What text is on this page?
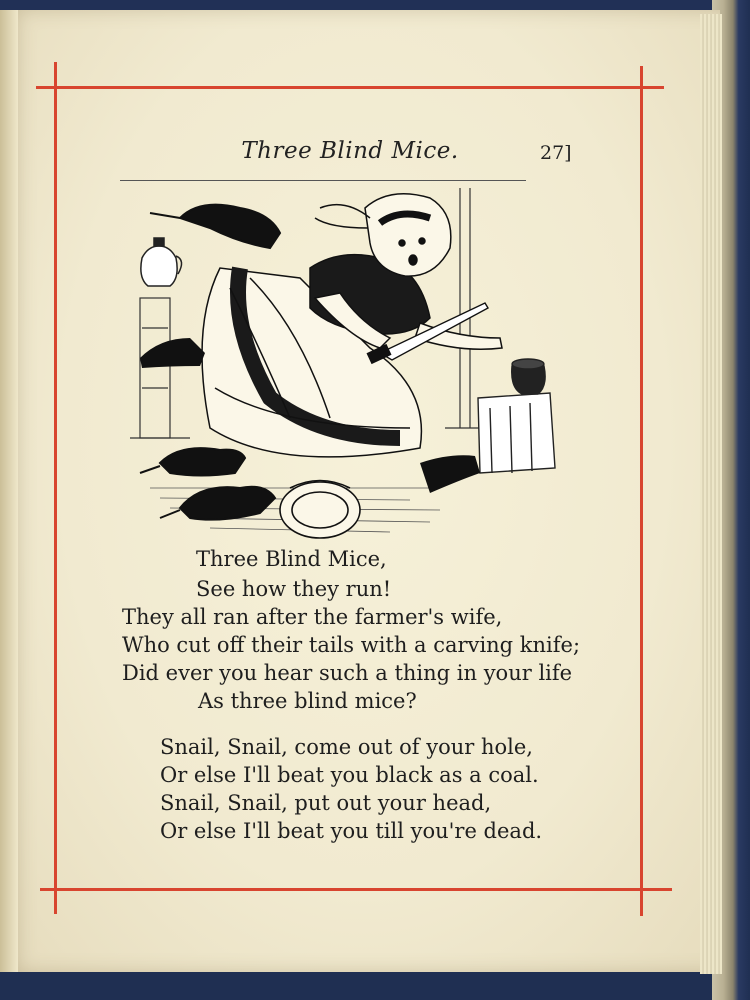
Three Blind Mice.	27]
Three Blind Mice,
See how they run!
They all ran after the farmer's wife,
Who cut off their tails with a carving knife;
Did ever you hear such a thing in your life
As three blind mice?
Snail, Snail, come out of your hole,
Or else I'll beat you black as a coal.
Snail, Snail, put out your head,
Or else I'll beat you till you're dead.
